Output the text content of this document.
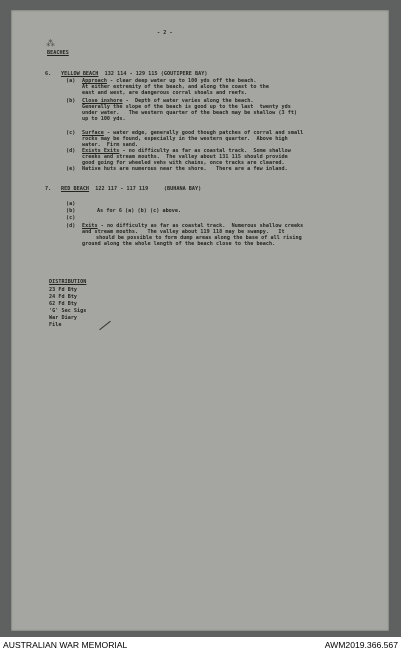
⁂

- 2 -

BEACHES

6. YELLOW BEACH  132 114 - 129 115 (GOUTIPERE BAY)

(a) Approach - clear deep water up to 100 yds off the beach.

At either extremity of the beach, and along the coast to the

east and west, are dangerous corral shoals and reefs.

(b) Close inshore -  Depth of water varies along the beach.

Generally the slope of the beach is good up to the last  twenty yds

under water.   The western quarter of the beach may be shallow (3 ft)

up to 100 yds.

(c) Surface - water edge, generally good though patches of corral and small

rocks may be found, especially in the western quarter.  Above high

water.  Firm sand.

(d) Exists Exits - no difficulty as far as coastal track.  Some shallow

creeks and stream mouths.  The valley about 131 115 should provide

good going for wheeled vehs with chains, once tracks are cleared.

(e) Native huts are numerous near the shore.   There are a few inland.

7. RED BEACH  122 117 - 117 119     (BUHANA BAY)

(a)

(b)	As for 6 (a) (b) (c) above.

(c)

(d) Exits - no difficulty as far as coastal track.  Numerous shallow creeks

and stream mouths.   The valley about 119 118 may be swampy.   It

should be possible to form dump areas along the base of all rising

ground along the whole length of the beach close to the beach.

DISTRIBUTION

23 Fd Bty

24 Fd Bty

62 Fd Bty

'G' Sec Sigs

War Diary

File

AUSTRALIAN WAR MEMORIAL	AWM2019.366.567
